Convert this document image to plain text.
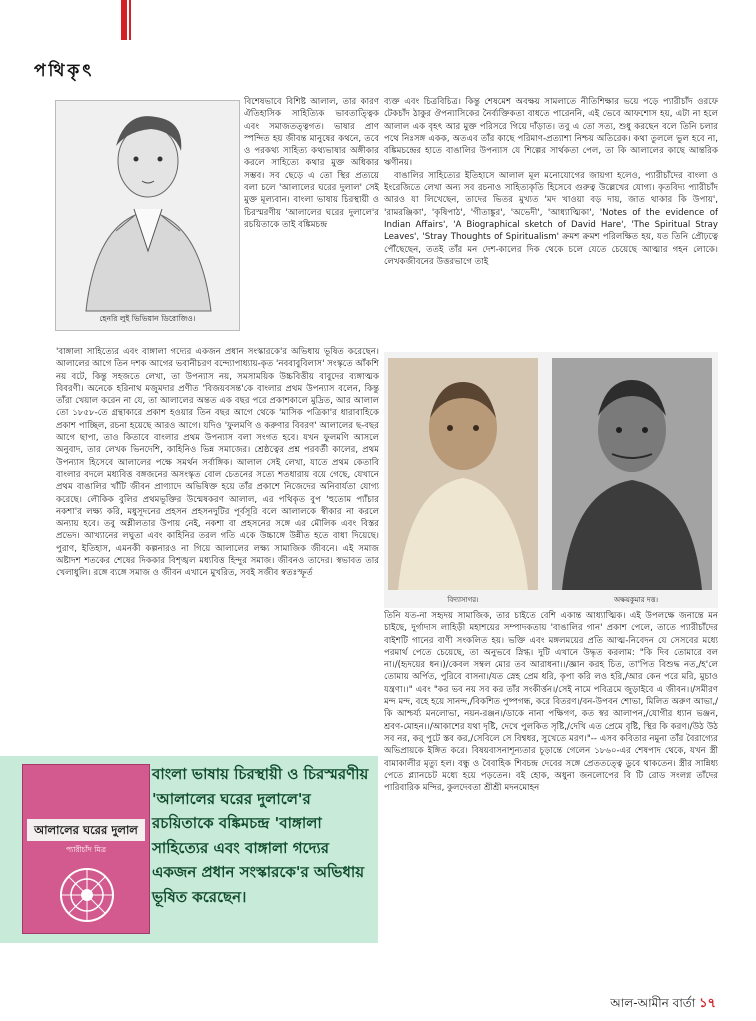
পথিকৃৎ
হেনরি লুই ভিভিয়ান ডিরোজিও।

বিশেষভাবে বিশিষ্ট আলাল, তার কারণ ঐতিহাসিক সাহিত্যিক ভাবতাত্ত্বিক এবং সমাজতত্ত্বগত। ভাষার প্রাণ স্পন্দিত হয় জীবন্ত মানুষের কথনে, তবে ও পরকথ্য সাহিত্য কথ্যভাষার অঙ্গীকার করলে সাহিত্যে কথার মুক্ত অধিকার সম্ভব। সব ছেড়ে এ তো স্থির প্রত্যয়ে বলা চলে 'আলালের ঘরের দুলাল' সেই মুক্ত মূল্যবান। বাংলা ভাষায় চিরস্থায়ী ও চিরস্মরণীয় 'আলালের ঘরের দুলালে'র রচয়িতাকে তাই বঙ্কিমচন্দ্র

'বাঙ্গালা সাহিত্যের এবং বাঙ্গালা গদ্যের একজন প্রধান সংস্কারকে'র অভিধায় ভূষিত করেছেন। আলালের আগে তিন দশক আগের ভবানীচরণ বন্দ্যোপাধ্যায়-কৃত 'নববাবুবিলাস' সংস্কৃতে আঁকশি নয় বটে, কিন্তু সহজতে লেখা, তা উপন্যাস নয়, সমসাময়িক উচ্চবিত্তীয় বাবুদের ব্যঙ্গাত্মক বিবরণী। অনেকে হরিনাথ মজুমদার প্রণীত 'বিজয়বসন্ত'কে বাংলার প্রথম উপন্যাস বলেন, কিন্তু তাঁরা খেয়াল করেন না যে, তা আলালের অন্তত এক বছর পরে প্রকাশকালে মুদ্রিত, আর আলাল তো ১৮৫৮-তে গ্রন্থাকারে প্রকাশ হওয়ার তিন বছর আগে থেকে 'মাসিক পত্রিকা'র ধারাবাহিকে প্রকাশ পাচ্ছিল, রচনা হয়েছে আরও আগে। যদিও 'ফুলমণি ও করুণার বিবরণ' আলালের ছ-বছর আগে ছাপা, তাও কিতাবে বাংলার প্রথম উপন্যাস বলা সংগত হবে। যখন ফুলমণি আসলে অনুবাদ, তার লেখক ভিনদেশি, কাহিনিও ভিন্ন সমাজের। শ্রেষ্ঠত্বের প্রশ্ন পরবর্তী কালের, প্রথম উপন্যাস হিসেবে আলালের পক্ষে সমর্থন সর্বাঙ্গিক। আলাল সেই লেখা, যাতে প্রথম কেতাবি বাংলার বদলে মধ্যবিত্ত বঙ্গজনের অসংস্কৃত বোল চেতনের সত্যে শতধারায় বয়ে গেছে, যেখানে প্রথম বাঙালির খাঁটি জীবন প্রাণ্যাদে অভিষিক্ত হয়ে তাঁর প্রকাশে নিজেদের অনিবার্যতা যোগ্য করেছে। লৌকিক বুলির প্রথমভূক্তির উন্মেষকরণ আলাল, এর পথিকৃত বুপ 'হুতোম প্যাঁচার নকশা'র লক্ষ্য করি, মধুসূদনের প্রহসন প্রহসনদুটির পূর্বসূরি বলে আলালকে স্বীকার না করলে অন্যায় হবে। তবু অশ্লীলতার উপায় নেই, নকশা বা প্রহসনের সঙ্গে এর মৌলিক এবং বিস্তর প্রভেদ। আখ্যানের লঘুতা এবং কাহিনির তরল গতি একে উচ্চাঙ্গে উন্নীত হতে বাধা দিয়েছে। পুরাণ, ইতিহাস, এমনকী কল্পনারও না গিয়ে আলালের লক্ষ্য সামাজিক জীবনে। এই সমাজ অষ্টাদশ শতকের শেষের দিককার বিশৃঙ্খল মধ্যবিত্ত হিন্দুর সমাজ। জীবনও তাদের। স্বভাবত তার খেলাধুলি। রঙ্গে ব্যঙ্গে সমাজ ও জীবন এখানে মুখরিত, সবই সজীব স্বতঃস্ফূর্ত

ব্যক্ত এবং চিত্রবিচিত্র। কিন্তু শেষমেশ অবক্ষয় সামলাতে নীতিশিক্ষার ভয়ে পড়ে প্যারীচাঁদ ওরফে টেকচাঁদ ঠাকুর ঔপন্যাসিকের নৈর্ব্যক্তিকতা বাধতে পারেননি, এই ভেবে আফশোস হয়, এটা না হলে আলাল এক বৃহৎ আর মুক্ত পরিসরে গিয়ে দাঁড়াত। তবু এ তো সত্য, শুধু করছেন বলে তিনি চলার পথে নিঃসঙ্গ একক, অতএব তাঁর কাছে পরিমাণ-প্রত্যাশা নিশ্চয় অতিরেক। কথা তুললে ভুল হবে না, বঙ্কিমচন্দ্রের হাতে বাঙালির উপন্যাস যে শিল্পের সার্থকতা পেল, তা কি আলালের কাছে আন্তরিক ঋণীনয়।

বাঙালির সাহিত্যের ইতিহাসে আলাল মূল মনোযোগের জায়গা হলেও, প্যারীচাঁদের বাংলা ও ইংরেজিতে লেখা অন্য সব রচনাও সাহিত্যকৃতি হিসেবে গুরুত্ব উল্লেখের যোগ্য। কৃতবিদ্য প্যারীচাঁদ আরও যা লিখেছেন, তাদের ভিতর মুখ্যত 'মদ খাওয়া বড় দায়, জাত থাকার কি উপায়', 'রামরঞ্জিকা', 'কৃষিপাঠ', 'গীতাঙ্কুর', 'অভেদী', 'আধ্যাত্মিকা', 'Notes of the evidence of Indian Affairs', 'A Biographical sketch of David Hare', 'The Spiritual Stray Leaves', 'Stray Thoughts of Spiritualism' ক্রমশ ক্রমশ পরিলক্ষিত হয়, যত তিনি প্রৌঢ়ত্বে পৌঁছেছেন, ততই তাঁর মন দেশ-কালের দিক থেকে চলে যেতে চেয়েছে আত্মার গহন লোকে। লেখকজীবনের উত্তরভাগে তাই

বিদ্যাসাগর।	অক্ষয়কুমার দত্ত।

তিনি যত-না সহৃদয় সামাজিক, তার চাইতে বেশি একান্ত আধ্যাত্মিক। এই উপলক্ষে জনান্তে মন চাইছে, দুর্গাদাস লাহিড়ী মহাশয়ের সম্পাদকতায় 'বাঙালির গান' প্রকাশ পেলে, তাতে প্যারীচাঁদের বাইশটি গানের বাণী সংকলিত হয়। ভক্তি এবং মঙ্গলময়ের প্রতি আত্ম-নিবেদন যে সেসবের মধ্যে পরমার্থ পেতে চেয়েছে, তা অনুভবে স্নিগ্ধ। দুটি এখানে উদ্ধৃত করলাম: "কি দিব তোমারে বল না।/(হৃদয়ের ধন।)/কেবল সম্বল মোর তব আরাধনা।।/জ্ঞান করহ চিত, তা'পিত বিশুদ্ধ নত,/হ'লে তোমায় অর্পিত, পুরিবে বাসনা।/যত স্নেহ প্রেম ধরি, কৃপা করি লও হরি,/আর কেন পরে মরি, মুচাও যন্ত্রণা।।" এবং "কর ভব নয় সব কর তাঁর সংকীর্ত্তন।/সেই নামে পবিত্রমে জুড়াইবে এ জীবন।।/সমীরণ মন্দ মন্দ, বহে হয়ে সানন্দ,/বিকশিত পুষ্পগন্ধ, করে বিতরণ।/বন-উপবন শোভা, মিলিত অরুণ আভা,/কি আশ্চর্য্য মনলোভা, নয়ন-রঞ্জন।/ডাকে নানা পক্ষিগণ, কত স্বর আলাপন,/যোগীর ধ্যান ভঞ্জন, শ্রবণ-মোহন।।/আকাশের যথা দৃষ্টি, দেখে পুলকিত সৃষ্টি,/দেখি এত প্রেমে বৃষ্টি, স্থির কি করণ।/উঠ উঠ সব নর, কর্ পুটে স্তব কর,/সেবিলে সে বিশ্বধর, সুখেতে মরণ।"-- এসব কবিতার নমুনা তাঁর বৈরাগ্যের অভিপ্রায়কে ইঙ্গিত করে। বিষয়বাসনাশূন্যতার চূড়ান্তে গেলেন ১৮৬০-এর শেষপাদ থেকে, যখন স্ত্রী বামাকালীর মৃত্যু হল। বন্ধু ও বৈবাহিক শিবচন্দ্র দেবের সঙ্গে প্রেততত্ত্বে ডুবে থাকতেন। স্ত্রীর সান্নিধ্য পেতে প্ল্যানচেট মধ্যে হয়ে পড়তেন। বই হোক, অধুনা জনলোপের বি টি রোড সংলগ্ন তাঁদের পারিবারিক মন্দির, কুলদেবতা শ্রীশ্রী মদনমোহন

আলালের ঘরের দুলাল
প্যারীচাঁদ মিত্র
বাংলা ভাষায় চিরস্থায়ী ও চিরস্মরণীয় 'আলালের ঘরের দুলালে'র রচয়িতাকে বঙ্কিমচন্দ্র 'বাঙ্গালা সাহিত্যের এবং বাঙ্গালা গদ্যের একজন প্রধান সংস্কারকে'র অভিধায় ভূষিত করেছেন।
আল-আমীন বার্তা ১৭
